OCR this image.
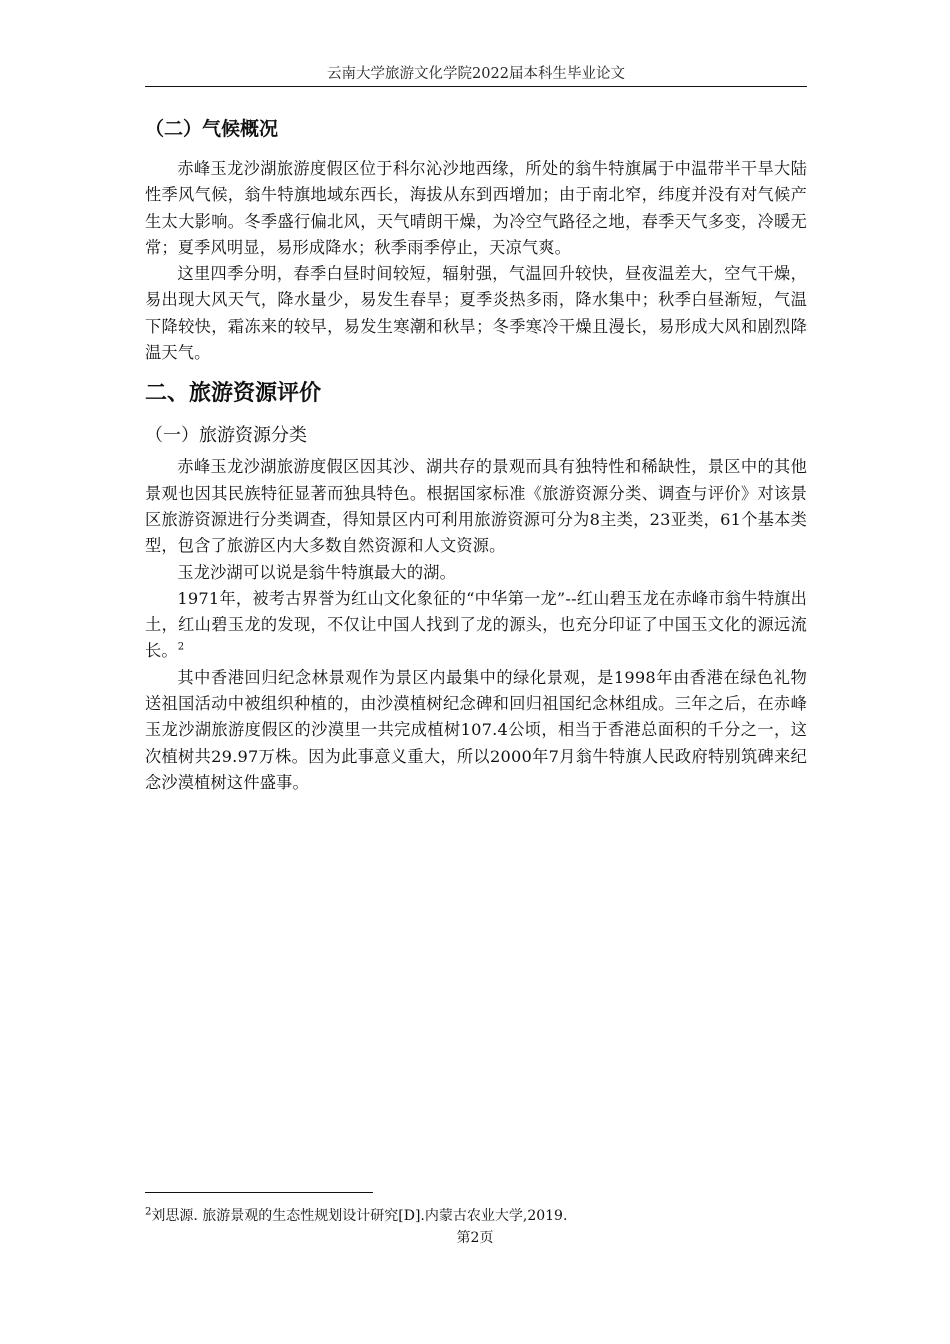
云南大学旅游文化学院2022届本科生毕业论文
（二）气候概况

赤峰玉龙沙湖旅游度假区位于科尔沁沙地西缘，所处的翁牛特旗属于中温带半干旱大陆性季风气候，翁牛特旗地域东西长，海拔从东到西增加；由于南北窄，纬度并没有对气候产生太大影响。冬季盛行偏北风，天气晴朗干燥，为冷空气路径之地，春季天气多变，冷暖无常；夏季风明显，易形成降水；秋季雨季停止，天凉气爽。

这里四季分明，春季白昼时间较短，辐射强，气温回升较快，昼夜温差大，空气干燥，易出现大风天气，降水量少，易发生春旱；夏季炎热多雨，降水集中；秋季白昼渐短，气温下降较快，霜冻来的较早，易发生寒潮和秋旱；冬季寒冷干燥且漫长，易形成大风和剧烈降温天气。

二、旅游资源评价
（一）旅游资源分类

赤峰玉龙沙湖旅游度假区因其沙、湖共存的景观而具有独特性和稀缺性，景区中的其他景观也因其民族特征显著而独具特色。根据国家标准《旅游资源分类、调查与评价》对该景区旅游资源进行分类调查，得知景区内可利用旅游资源可分为8主类，23亚类，61个基本类型，包含了旅游区内大多数自然资源和人文资源。

玉龙沙湖可以说是翁牛特旗最大的湖。

1971年，被考古界誉为红山文化象征的“中华第一龙”--红山碧玉龙在赤峰市翁牛特旗出土，红山碧玉龙的发现，不仅让中国人找到了龙的源头，也充分印证了中国玉文化的源远流长。$^2$

其中香港回归纪念林景观作为景区内最集中的绿化景观，是1998年由香港在绿色礼物送祖国活动中被组织种植的，由沙漠植树纪念碑和回归祖国纪念林组成。三年之后，在赤峰玉龙沙湖旅游度假区的沙漠里一共完成植树107.4公顷，相当于香港总面积的千分之一，这次植树共29.97万株。因为此事意义重大，所以2000年7月翁牛特旗人民政府特别筑碑来纪念沙漠植树这件盛事。

$^2$刘思源. 旅游景观的生态性规划设计研究[D].内蒙古农业大学,2019.
第2页
